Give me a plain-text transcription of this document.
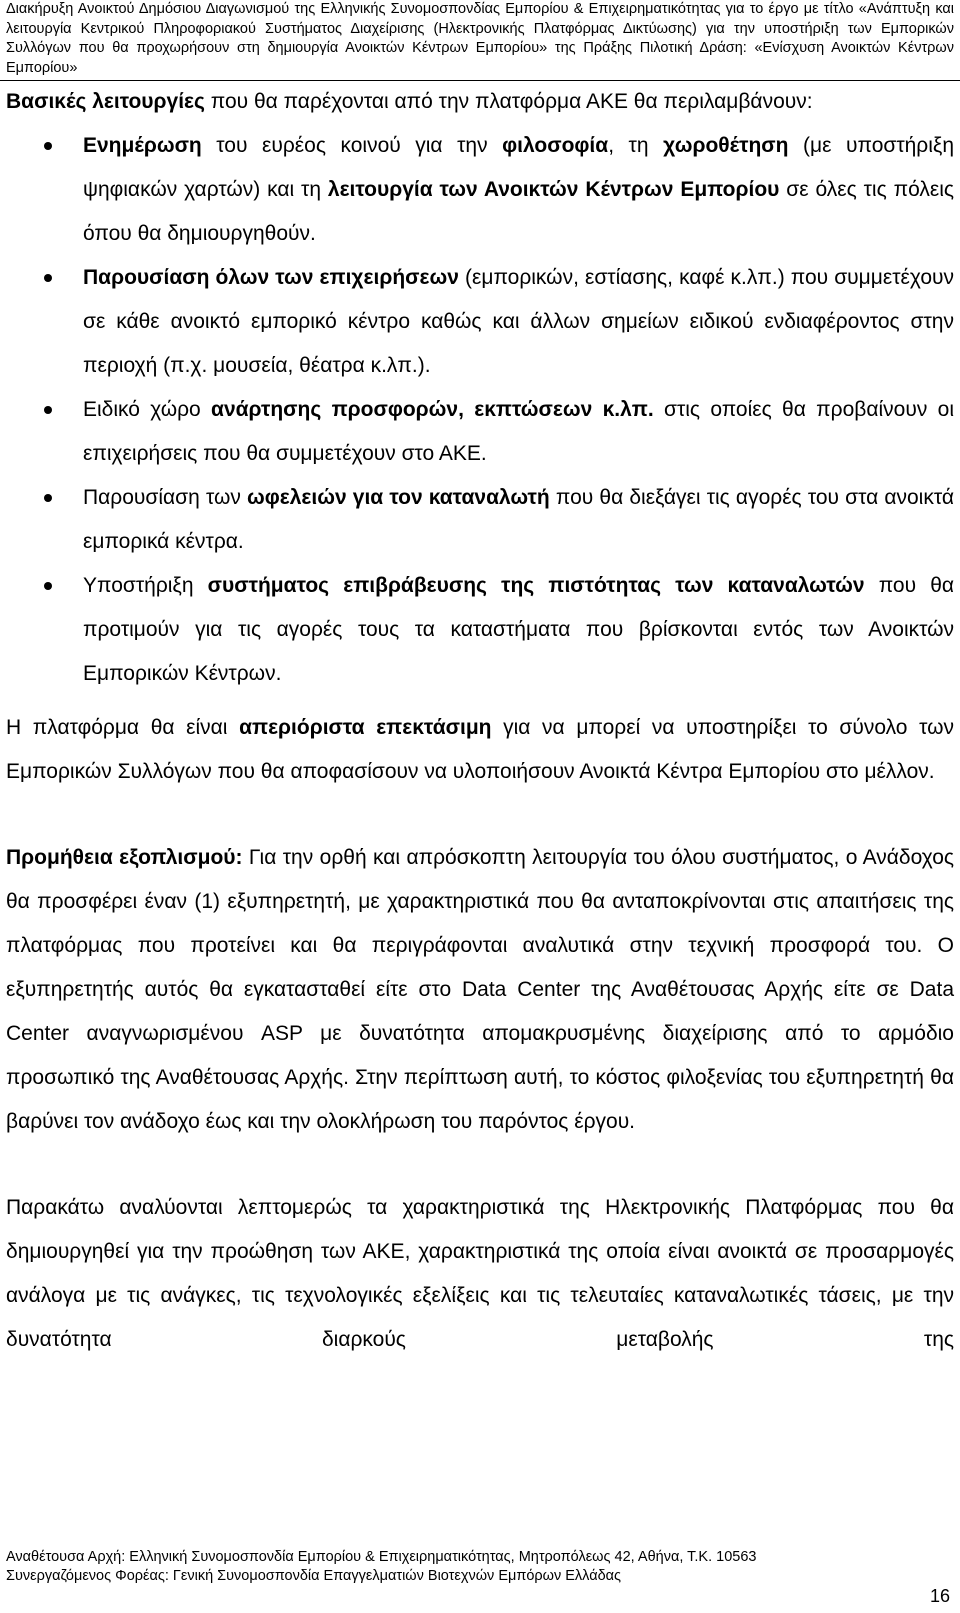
Διακήρυξη Ανοικτού Δημόσιου Διαγωνισμού της Ελληνικής Συνομοσπονδίας Εμπορίου & Επιχειρηματικότητας για το έργο με τίτλο «Ανάπτυξη και λειτουργία Κεντρικού Πληροφοριακού Συστήματος Διαχείρισης (Ηλεκτρονικής Πλατφόρμας Δικτύωσης) για την υποστήριξη των Εμπορικών Συλλόγων που θα προχωρήσουν στη δημιουργία Ανοικτών Κέντρων Εμπορίου» της Πράξης Πιλοτική Δράση: «Ενίσχυση Ανοικτών Κέντρων Εμπορίου»

Βασικές λειτουργίες που θα παρέχονται από την πλατφόρμα ΑΚΕ θα περιλαμβάνουν:

Ενημέρωση του ευρέος κοινού για την φιλοσοφία, τη χωροθέτηση (με υποστήριξη ψηφιακών χαρτών) και τη λειτουργία των Ανοικτών Κέντρων Εμπορίου σε όλες τις πόλεις όπου θα δημιουργηθούν.
Παρουσίαση όλων των επιχειρήσεων (εμπορικών, εστίασης, καφέ κ.λπ.) που συμμετέχουν σε κάθε ανοικτό εμπορικό κέντρο καθώς και άλλων σημείων ειδικού ενδιαφέροντος στην περιοχή (π.χ. μουσεία, θέατρα κ.λπ.).
Ειδικό χώρο ανάρτησης προσφορών, εκπτώσεων κ.λπ. στις οποίες θα προβαίνουν οι επιχειρήσεις που θα συμμετέχουν στο ΑΚΕ.
Παρουσίαση των ωφελειών για τον καταναλωτή που θα διεξάγει τις αγορές του στα ανοικτά εμπορικά κέντρα.
Υποστήριξη συστήματος επιβράβευσης της πιστότητας των καταναλωτών που θα προτιμούν για τις αγορές τους τα καταστήματα που βρίσκονται εντός των Ανοικτών Εμπορικών Κέντρων.

Η πλατφόρμα θα είναι απεριόριστα επεκτάσιμη για να μπορεί να υποστηρίξει το σύνολο των Εμπορικών Συλλόγων που θα αποφασίσουν να υλοποιήσουν Ανοικτά Κέντρα Εμπορίου στο μέλλον.

Προμήθεια εξοπλισμού: Για την ορθή και απρόσκοπτη λειτουργία του όλου συστήματος, ο Ανάδοχος θα προσφέρει έναν (1) εξυπηρετητή, με χαρακτηριστικά που θα ανταποκρίνονται στις απαιτήσεις της πλατφόρμας που προτείνει και θα περιγράφονται αναλυτικά στην τεχνική προσφορά του. Ο εξυπηρετητής αυτός θα εγκατασταθεί είτε στο Data Center της Αναθέτουσας Αρχής είτε σε Data Center αναγνωρισμένου ASP με δυνατότητα απομακρυσμένης διαχείρισης από το αρμόδιο προσωπικό της Αναθέτουσας Αρχής. Στην περίπτωση αυτή, το κόστος φιλοξενίας του εξυπηρετητή θα βαρύνει τον ανάδοχο έως και την ολοκλήρωση του παρόντος έργου.

Παρακάτω αναλύονται λεπτομερώς τα χαρακτηριστικά της Ηλεκτρονικής Πλατφόρμας που θα δημιουργηθεί για την προώθηση των ΑΚΕ, χαρακτηριστικά της οποία είναι ανοικτά σε προσαρμογές ανάλογα με τις ανάγκες, τις τεχνολογικές εξελίξεις και τις τελευταίες καταναλωτικές τάσεις, με την δυνατότητα διαρκούς μεταβολής της

Αναθέτουσα Αρχή: Ελληνική Συνομοσπονδία Εμπορίου & Επιχειρηματικότητας, Μητροπόλεως 42, Αθήνα, Τ.Κ. 10563
Συνεργαζόμενος Φορέας: Γενική Συνομοσπονδία Επαγγελματιών Βιοτεχνών Εμπόρων Ελλάδας
16
